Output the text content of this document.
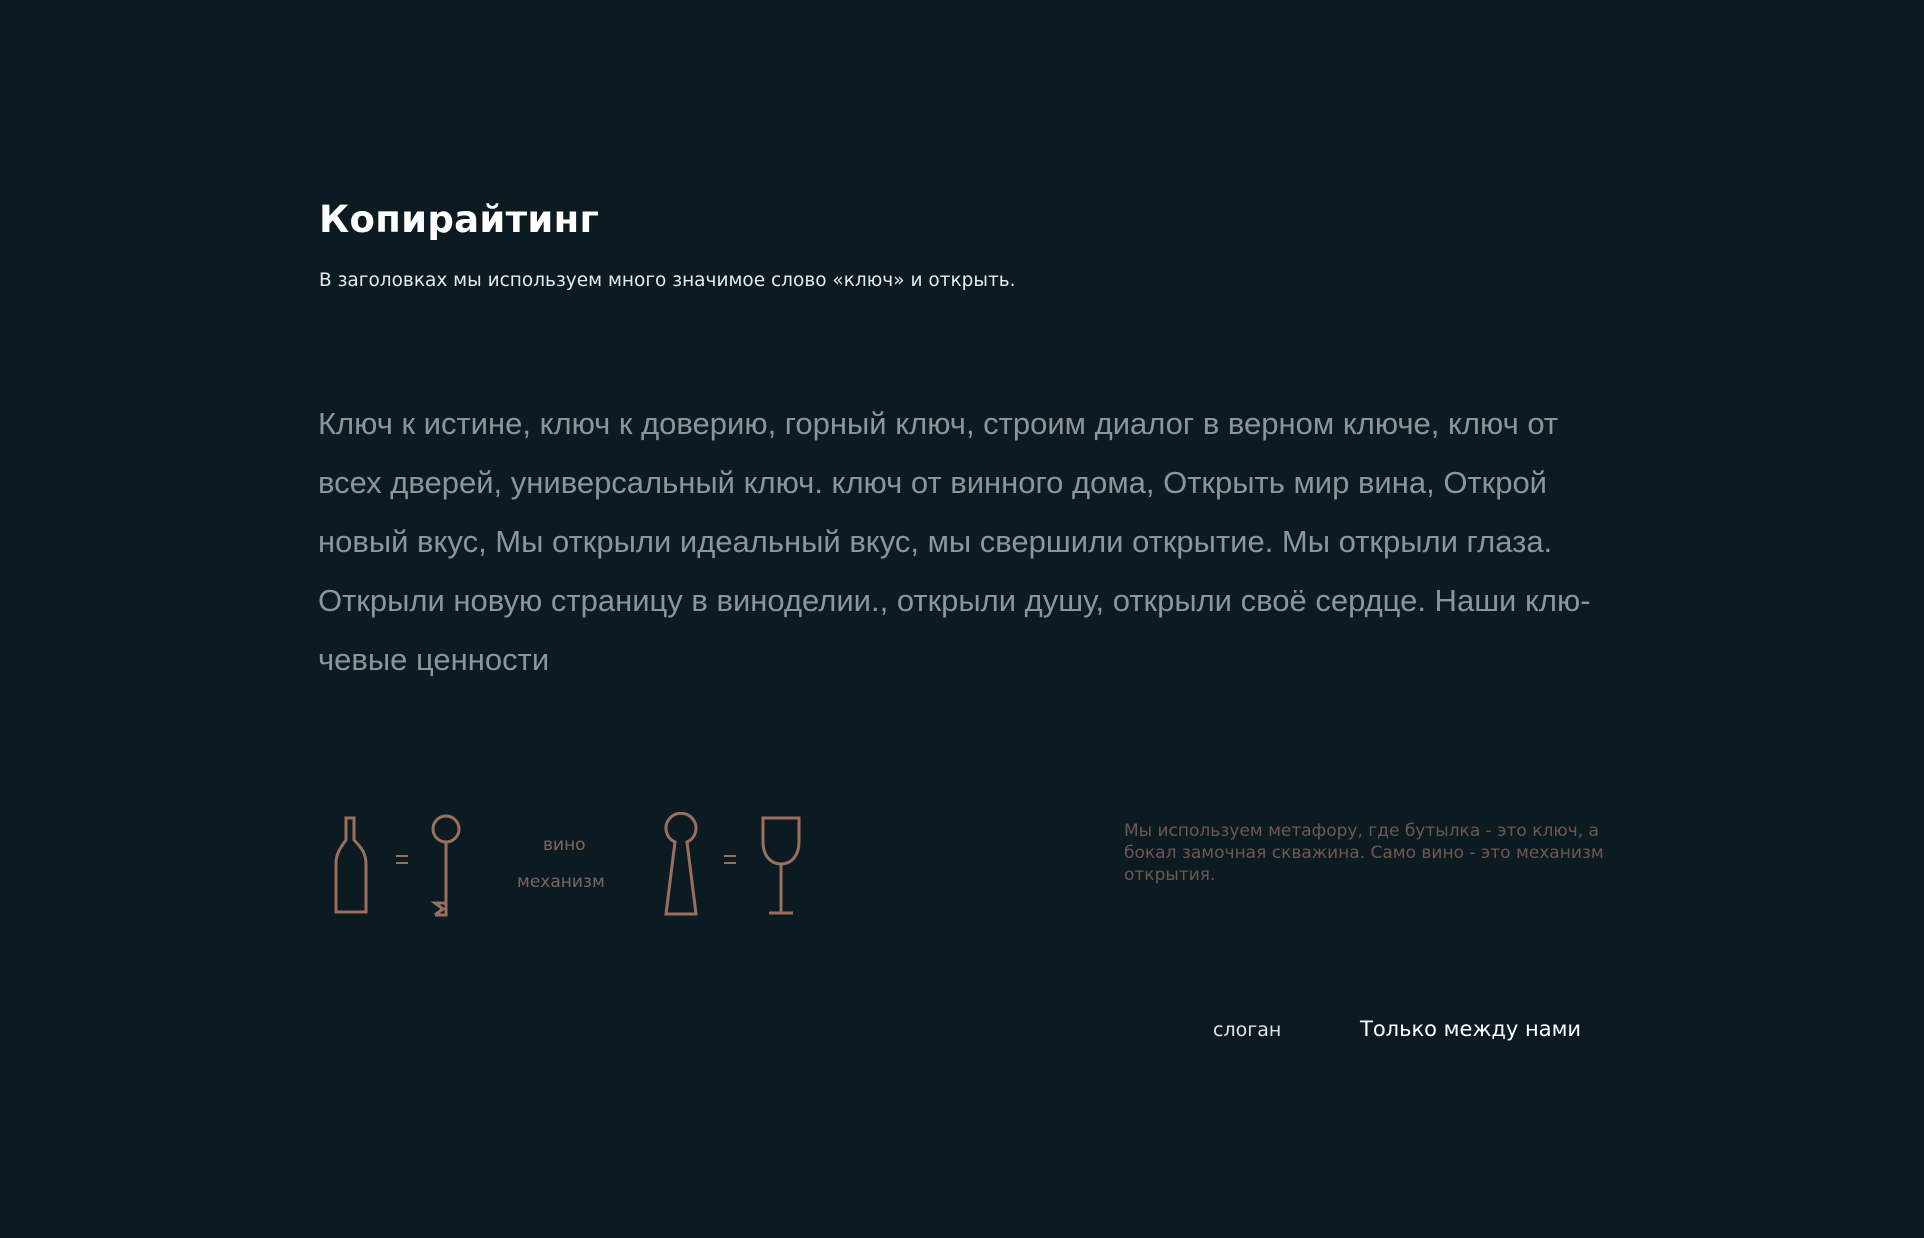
Копирайтинг
В заголовках мы используем много значимое слово «ключ» и открыть.
Ключ к истине, ключ к доверию, горный ключ, строим диалог в верном ключе, ключ от
всех дверей, универсальный ключ. ключ от винного дома, Открыть мир вина, Открой
новый вкус, Мы открыли идеальный вкус, мы свершили открытие. Мы открыли глаза.
Открыли новую страницу в виноделии., открыли душу, открыли своё сердце. Наши клю-
чевые ценности
вино
механизм
Мы используем метафору, где бутылка - это ключ, а бокал замочная скважина. Само вино - это механизм открытия.
слоган	Только между нами
